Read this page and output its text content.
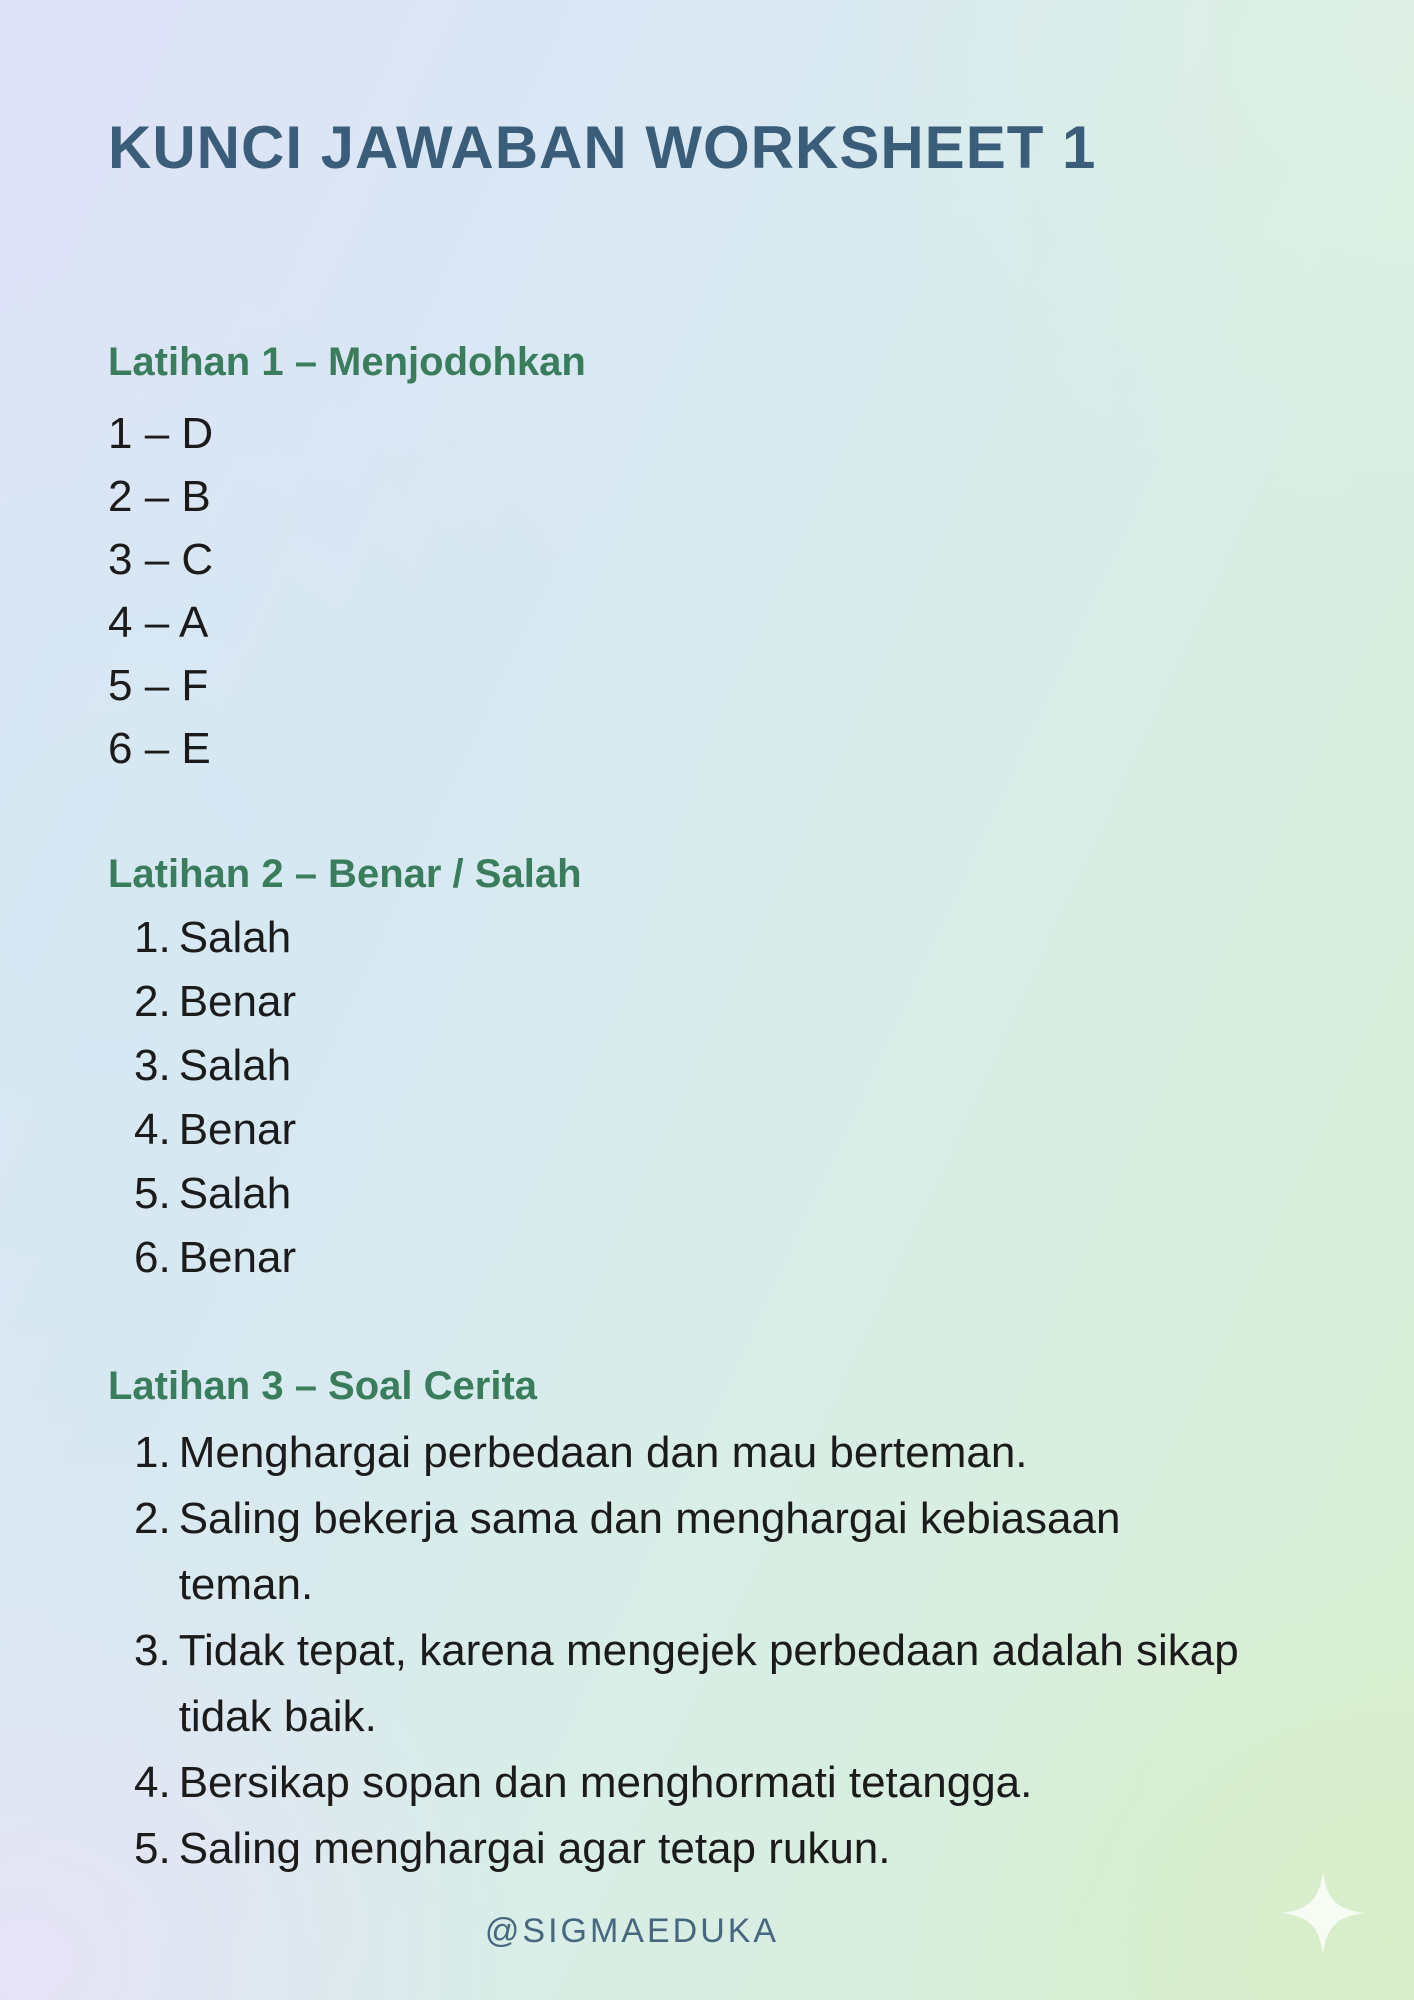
KUNCI JAWABAN WORKSHEET 1
Latihan 1 – Menjodohkan
1 – D
2 – B
3 – C
4 – A
5 – F
6 – E
Latihan 2 – Benar / Salah
1. Salah
2. Benar
3. Salah
4. Benar
5. Salah
6. Benar
Latihan 3 – Soal Cerita
1. Menghargai perbedaan dan mau berteman.
2. Saling bekerja sama dan menghargai kebiasaan teman.
3. Tidak tepat, karena mengejek perbedaan adalah sikap tidak baik.
4. Bersikap sopan dan menghormati tetangga.
5. Saling menghargai agar tetap rukun.
@SIGMAEDUKA
